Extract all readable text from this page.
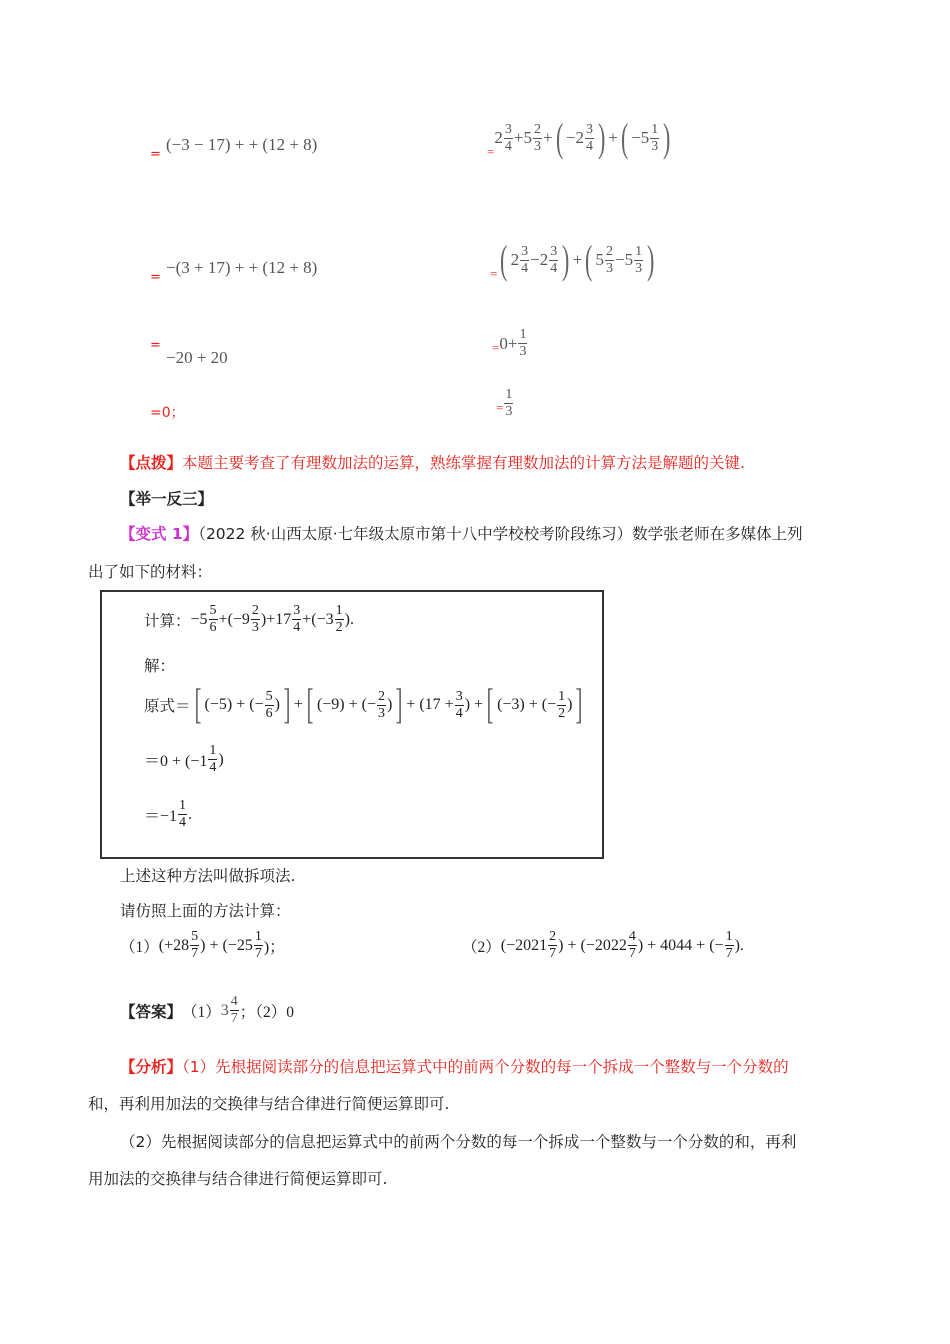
$_=$ (−3 − 17) + + (12 + 8)
$_=$ −(3 + 17) + + (12 + 8)
= −20 + 20
=0；
=
$2 \frac{3}{4} + 5 \frac{2}{3}$ + ( $-2 \frac{3}{4}$ ) + ( $-5 \frac{1}{3}$ )
= ( $2 \frac{3}{4} - 2 \frac{3}{4}$ ) + ( $5 \frac{2}{3} - 5 \frac{1}{3}$ )
= $0+ \frac{1}{3}$
= $\frac{1}{3}$
【点拨】本题主要考查了有理数加法的运算，熟练掌握有理数加法的计算方法是解题的关键.
【举一反三】
【变式 1】（2022 秋·山西太原·七年级太原市第十八中学校校考阶段练习）数学张老师在多媒体上列
出了如下的材料：
计算： $-5 \frac{5}{6} +(-9 \frac{2}{3} )+17 \frac{3}{4} +(-3 \frac{1}{2}$ ).
解：
原式＝ [ (−5) + (− $\frac{5}{6}$ ) ] + [ (−9) + (− $\frac{2}{3}$ ) ] + ($17 + \frac{3}{4}$ ) + [ (−3) + (− $\frac{1}{2}$ ) ]
$=0 + (-1 \frac{1}{4}$ )
$=-1 \frac{1}{4}$ .
上述这种方法叫做拆项法.
请仿照上面的方法计算：
（1） ($+28 \frac{5}{7}$ ) + ($-25 \frac{1}{7}$ )；	（2） ($-2021 \frac{2}{7}$ ) + ($-2022 \frac{4}{7}$ ) + 4044 + (− $\frac{1}{7}$ ).
【答案】 （1） $3 \frac{4}{7}$ ；（2）0
【分析】（1）先根据阅读部分的信息把运算式中的前两个分数的每一个拆成一个整数与一个分数的
和，再利用加法的交换律与结合律进行简便运算即可.
（2）先根据阅读部分的信息把运算式中的前两个分数的每一个拆成一个整数与一个分数的和，再利
用加法的交换律与结合律进行简便运算即可.
